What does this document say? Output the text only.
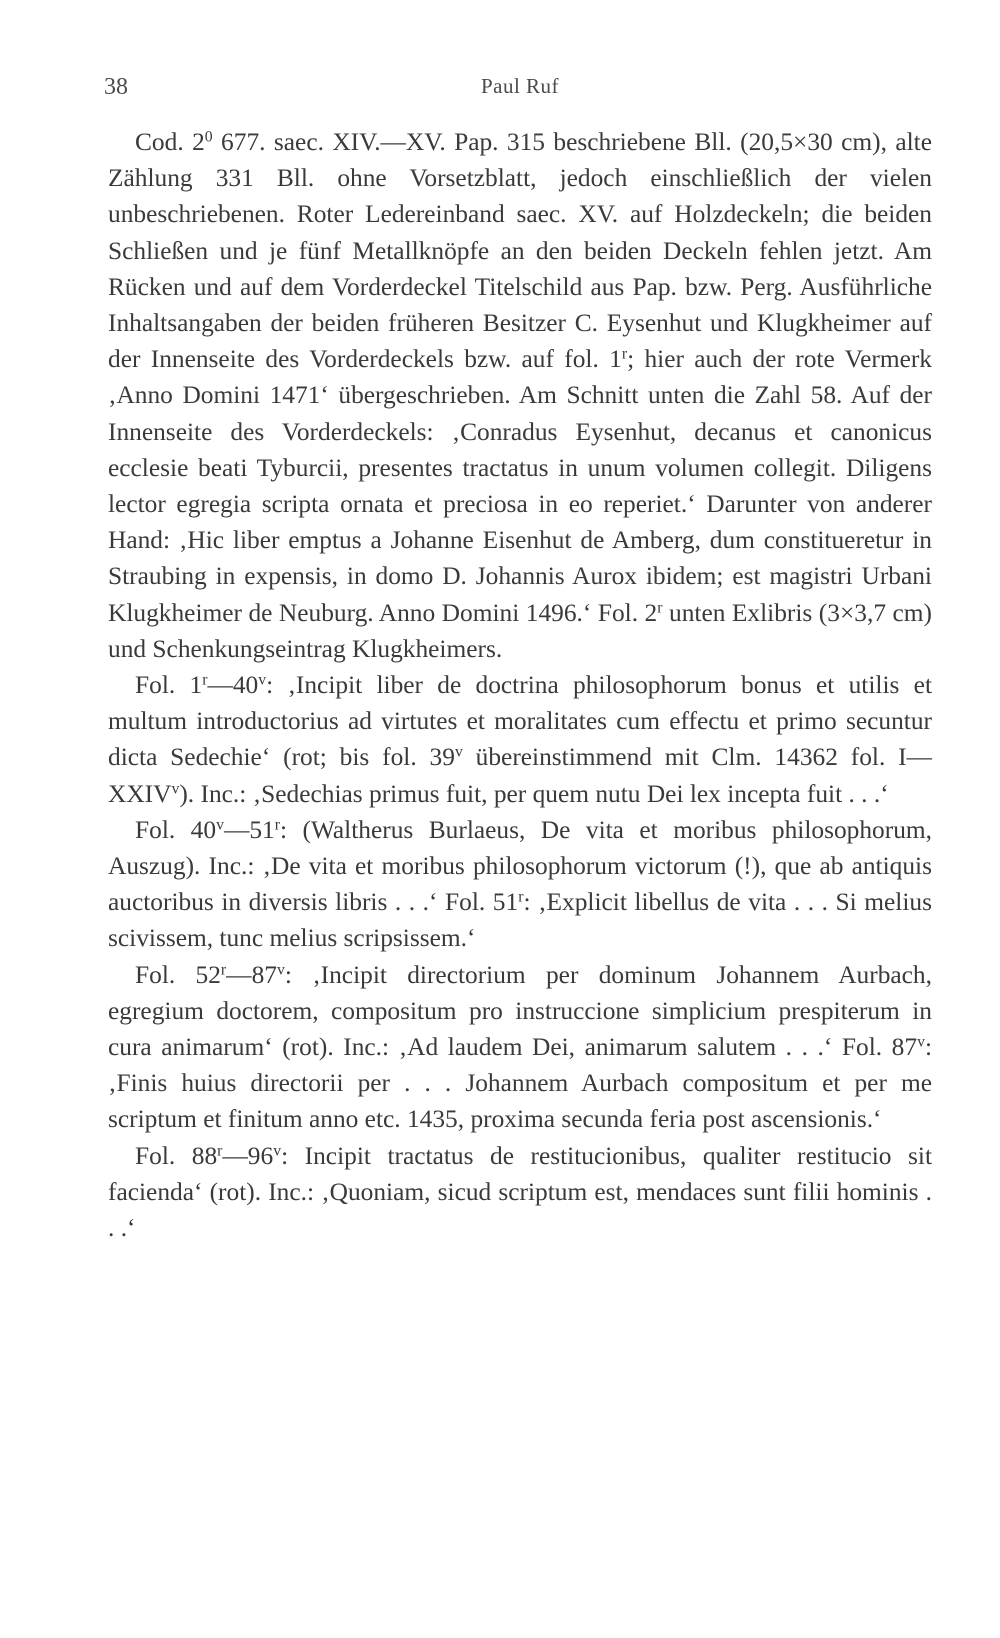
38	Paul Ruf

Cod. $2^0$ 677. saec. XIV.—XV. Pap. 315 beschriebene Bll. (20,5×30 cm), alte Zählung 331 Bll. ohne Vorsetzblatt, jedoch einschließlich der vielen unbeschriebenen. Roter Ledereinband saec. XV. auf Holzdeckeln; die beiden Schließen und je fünf Metallknöpfe an den beiden Deckeln fehlen jetzt. Am Rücken und auf dem Vorderdeckel Titelschild aus Pap. bzw. Perg. Ausführliche Inhaltsangaben der beiden früheren Besitzer C. Eysenhut und Klugkheimer auf der Innenseite des Vorderdeckels bzw. auf fol. 1$^r$; hier auch der rote Vermerk ‚Anno Domini 1471‘ übergeschrieben. Am Schnitt unten die Zahl 58. Auf der Innenseite des Vorderdeckels: ‚Conradus Eysenhut, decanus et canonicus ecclesie beati Tyburcii, presentes tractatus in unum volumen collegit. Diligens lector egregia scripta ornata et preciosa in eo reperiet.‘ Darunter von anderer Hand: ‚Hic liber emptus a Johanne Eisenhut de Amberg, dum constitueretur in Straubing in expensis, in domo D. Johannis Aurox ibidem; est magistri Urbani Klugkheimer de Neuburg. Anno Domini 1496.‘ Fol. 2$^r$ unten Exlibris (3×3,7 cm) und Schenkungseintrag Klugkheimers.

Fol. 1$^r$—40$^v$: ‚Incipit liber de doctrina philosophorum bonus et utilis et multum introductorius ad virtutes et moralitates cum effectu et primo secuntur dicta Sedechie‘ (rot; bis fol. 39$^v$ übereinstimmend mit Clm. 14362 fol. I—XXIV$^v$). Inc.: ‚Sedechias primus fuit, per quem nutu Dei lex incepta fuit . . .‘

Fol. 40$^v$—51$^r$: (Waltherus Burlaeus, De vita et moribus philosophorum, Auszug). Inc.: ‚De vita et moribus philosophorum victorum (!), que ab antiquis auctoribus in diversis libris . . .‘ Fol. 51$^r$: ‚Explicit libellus de vita . . . Si melius scivissem, tunc melius scripsissem.‘

Fol. 52$^r$—87$^v$: ‚Incipit directorium per dominum Johannem Aurbach, egregium doctorem, compositum pro instruccione simplicium prespiterum in cura animarum‘ (rot). Inc.: ‚Ad laudem Dei, animarum salutem . . .‘ Fol. 87$^v$: ‚Finis huius directorii per . . . Johannem Aurbach compositum et per me scriptum et finitum anno etc. 1435, proxima secunda feria post ascensionis.‘

Fol. 88$^r$—96$^v$: Incipit tractatus de restitucionibus, qualiter restitucio sit facienda‘ (rot). Inc.: ‚Quoniam, sicud scriptum est, mendaces sunt filii hominis . . .‘
